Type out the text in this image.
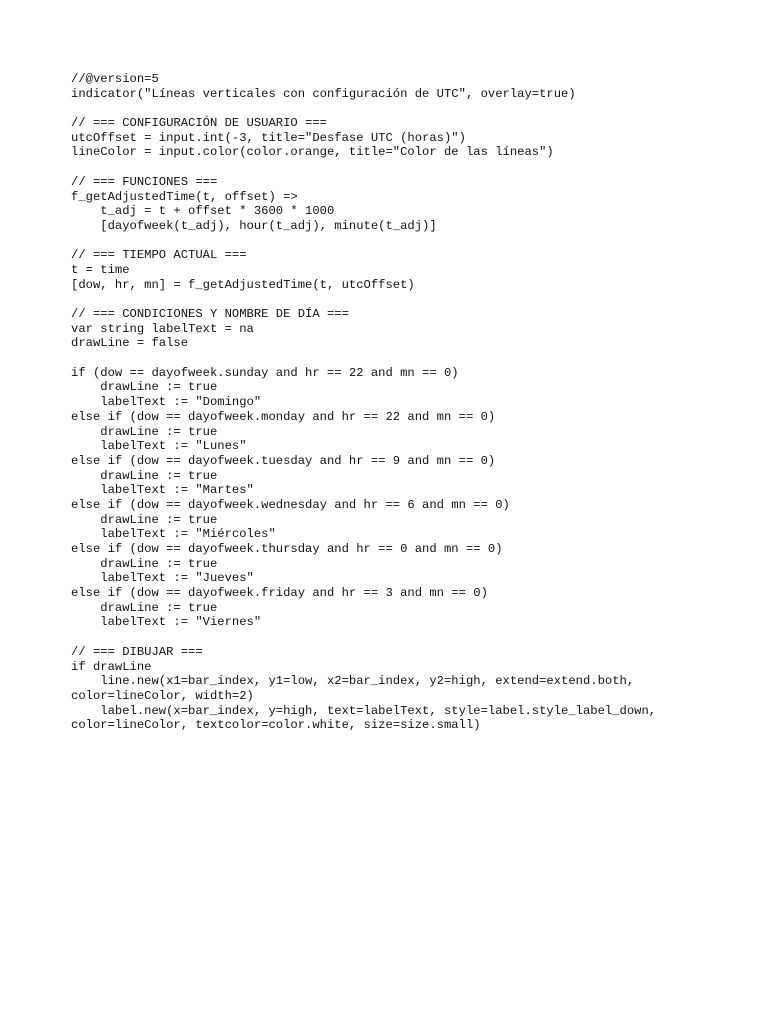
//@version=5
indicator("Líneas verticales con configuración de UTC", overlay=true)
// === CONFIGURACIÓN DE USUARIO ===
utcOffset = input.int(-3, title="Desfase UTC (horas)")
lineColor = input.color(color.orange, title="Color de las líneas")
// === FUNCIONES ===
f_getAdjustedTime(t, offset) =>
t_adj = t + offset * 3600 * 1000
[dayofweek(t_adj), hour(t_adj), minute(t_adj)]
// === TIEMPO ACTUAL ===
t = time
[dow, hr, mn] = f_getAdjustedTime(t, utcOffset)
// === CONDICIONES Y NOMBRE DE DÍA ===
var string labelText = na
drawLine = false
if (dow == dayofweek.sunday and hr == 22 and mn == 0)
drawLine := true
labelText := "Domingo"
else if (dow == dayofweek.monday and hr == 22 and mn == 0)
drawLine := true
labelText := "Lunes"
else if (dow == dayofweek.tuesday and hr == 9 and mn == 0)
drawLine := true
labelText := "Martes"
else if (dow == dayofweek.wednesday and hr == 6 and mn == 0)
drawLine := true
labelText := "Miércoles"
else if (dow == dayofweek.thursday and hr == 0 and mn == 0)
drawLine := true
labelText := "Jueves"
else if (dow == dayofweek.friday and hr == 3 and mn == 0)
drawLine := true
labelText := "Viernes"
// === DIBUJAR ===
if drawLine
line.new(x1=bar_index, y1=low, x2=bar_index, y2=high, extend=extend.both,
color=lineColor, width=2)
label.new(x=bar_index, y=high, text=labelText, style=label.style_label_down,
color=lineColor, textcolor=color.white, size=size.small)
